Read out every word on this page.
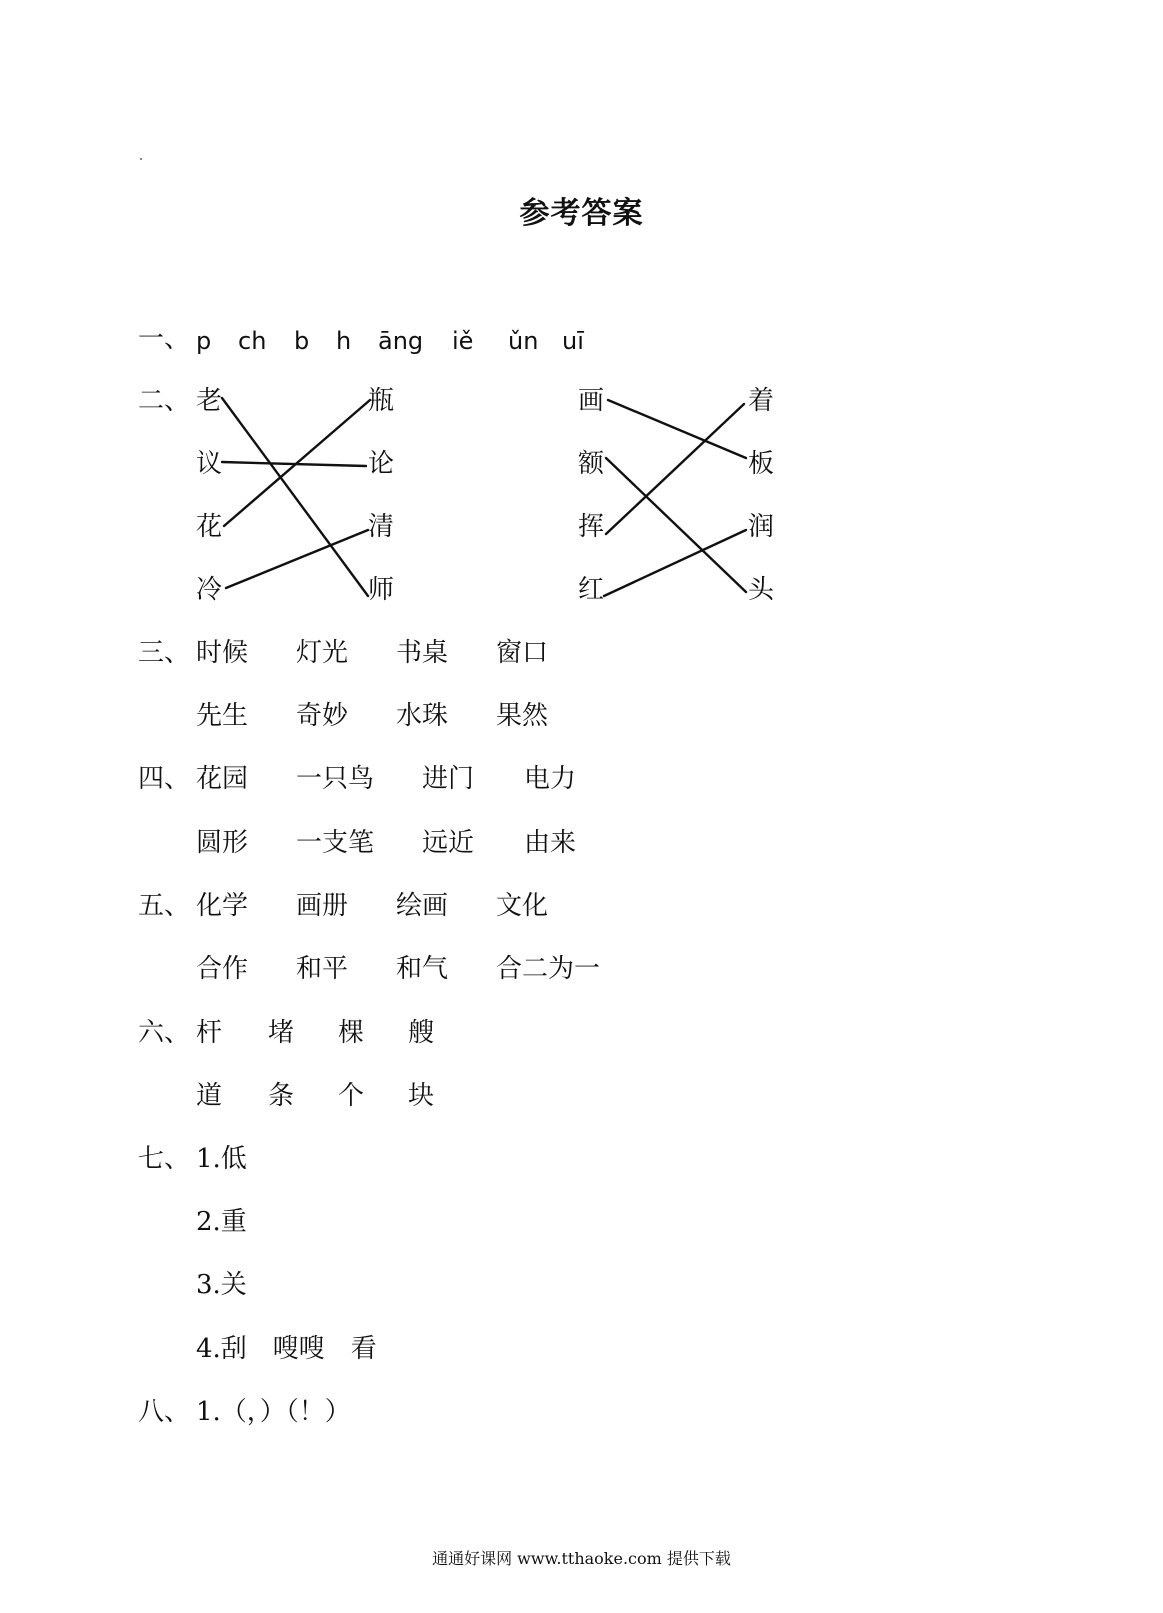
参考答案
一、 p ch b h āng iě ǔn uī
二、 老
议
花
冷
瓶
论
清
师
画
额
挥
红
着
板
润
头
三、 时候 灯光 书桌 窗口
先生 奇妙 水珠 果然
四、 花园 一只鸟 进门 电力
圆形 一支笔 远近 由来
五、 化学 画册 绘画 文化
合作 和平 和气 合二为一
六、 杆 堵 棵 艘
道 条 个 块
七、 1.低
2.重
3.关
4.刮　嗖嗖　看
八、 1.（，）（！）
通通好课网 www.tthaoke.com 提供下载
